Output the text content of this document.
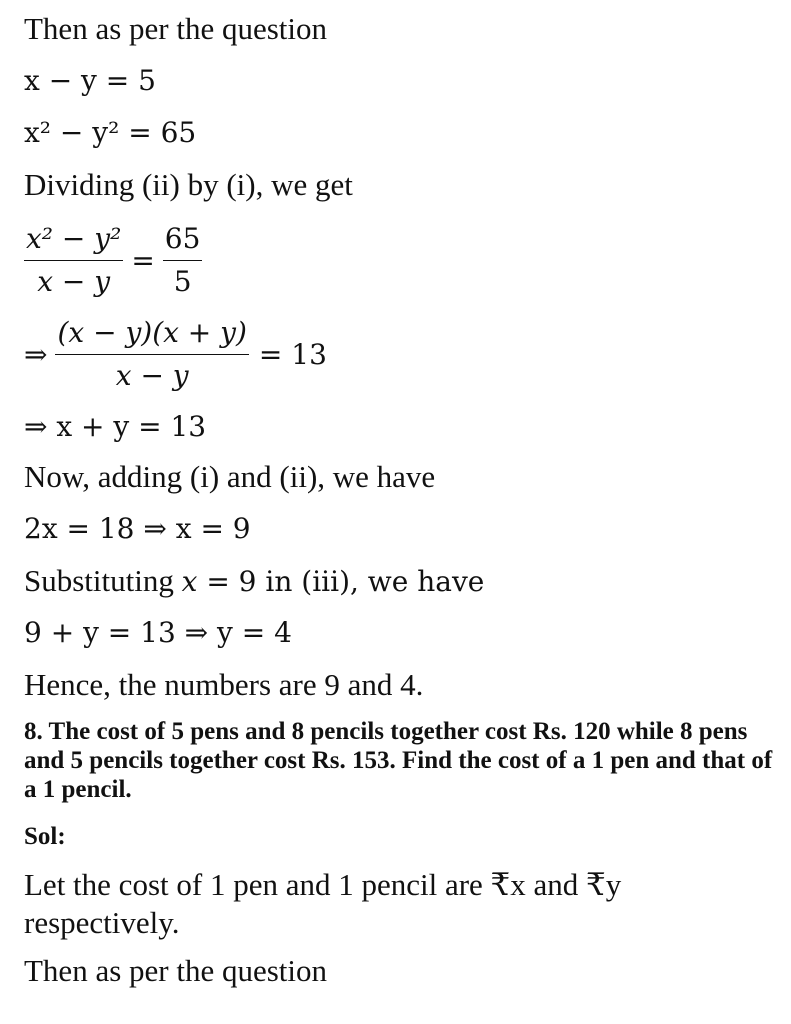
Then as per the question
x − y = 5
x² − y² = 65
Dividing (ii) by (i), we get
$\frac{\text{x² − y²}}{x - y} = \frac{65}{5}$
⇒ $\frac{(x - y)(x + y)}{x - y} = 13$
⇒ x + y = 13
Now, adding (i) and (ii), we have
2x = 18 ⇒ x = 9
Substituting x = 9 in (iii), we have
9 + y = 13 ⇒ y = 4
Hence, the numbers are 9 and 4.
8. The cost of 5 pens and 8 pencils together cost Rs. 120 while 8 pens and 5 pencils together cost Rs. 153. Find the cost of a 1 pen and that of a 1 pencil.
Sol:
Let the cost of 1 pen and 1 pencil are ₹x and ₹y respectively.
Then as per the question
